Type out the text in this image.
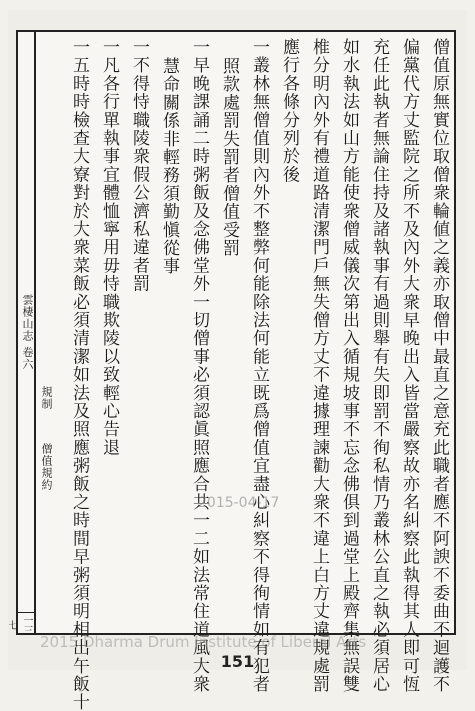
雲棲山志 卷六
規制  僧值規約
一三七	僧值原無實位取僧衆輪値之義亦取僧中最直之意充此職者應不阿諛不委曲不迴護不
偏黨代方丈監院之所不及內外大衆早晚出入皆當嚴察故亦名糾察此執得其人即可恆
充任此執者無論住持及諸執事有過則舉有失即罰不徇私情乃叢林公直之執必須居心
如水執法如山方能使衆僧威儀次第出入循規坡事不忘念佛俱到過堂上殿齊集無誤雙
椎分明內外有禮道路清潔門戶無失僧方丈不違據理諫勸大衆不違上白方丈違規處罰
應行各條分列於後
一叢林無僧值則內外不整弊何能除法何能立既爲僧值宜盡心糾察不得徇情如有犯者
照款處罰失罰者僧值受罰
一早晚課誦二時粥飯及念佛堂外一切僧事必須認眞照應合共一二如法常住道風大衆
慧命關係非輕務須勤愼從事
一不得恃職陵衆假公濟私違者罰
一凡各行單執事宜體恤寧用毋恃職欺陵以致輕心告退
一五時時檢查大寮對於大衆菜飯必須清潔如法及照應粥飯之時間早粥須明相出午飯十	2015-04-17
151
2015 Dharma Drum Institute of Liberal Arts
